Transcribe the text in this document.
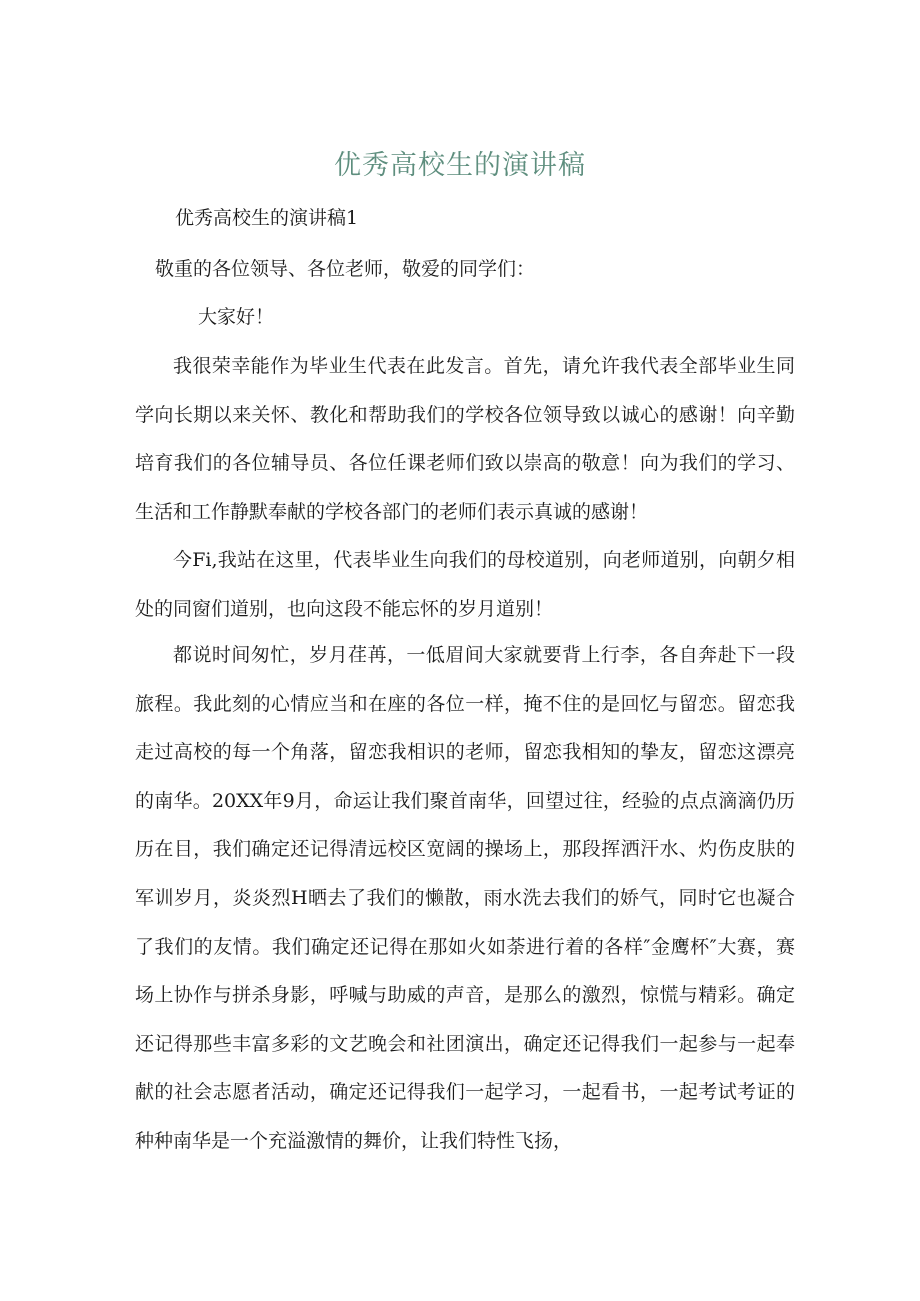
优秀高校生的演讲稿
优秀高校生的演讲稿1
敬重的各位领导、各位老师，敬爱的同学们：
大家好！

我很荣幸能作为毕业生代表在此发言。首先，请允许我代表全部毕业生同学向长期以来关怀、教化和帮助我们的学校各位领导致以诚心的感谢！向辛勤培育我们的各位辅导员、各位任课老师们致以崇高的敬意！向为我们的学习、生活和工作静默奉献的学校各部门的老师们表示真诚的感谢！

今Fi,我站在这里，代表毕业生向我们的母校道别，向老师道别，向朝夕相处的同窗们道别，也向这段不能忘怀的岁月道别！

都说时间匆忙，岁月荏苒，一低眉间大家就要背上行李，各自奔赴下一段旅程。我此刻的心情应当和在座的各位一样，掩不住的是回忆与留恋。留恋我走过高校的每一个角落，留恋我相识的老师，留恋我相知的挚友，留恋这漂亮的南华。20XX年9月，命运让我们聚首南华，回望过往，经验的点点滴滴仍历历在目，我们确定还记得清远校区宽阔的操场上，那段挥洒汗水、灼伤皮肤的军训岁月，炎炎烈H晒去了我们的懒散，雨水洗去我们的娇气，同时它也凝合了我们的友情。我们确定还记得在那如火如荼进行着的各样″金鹰杯″大赛，赛场上协作与拼杀身影，呼喊与助威的声音，是那么的激烈，惊慌与精彩。确定还记得那些丰富多彩的文艺晚会和社团演出，确定还记得我们一起参与一起奉献的社会志愿者活动，确定还记得我们一起学习，一起看书，一起考试考证的种种南华是一个充溢激情的舞价，让我们特性飞扬，
